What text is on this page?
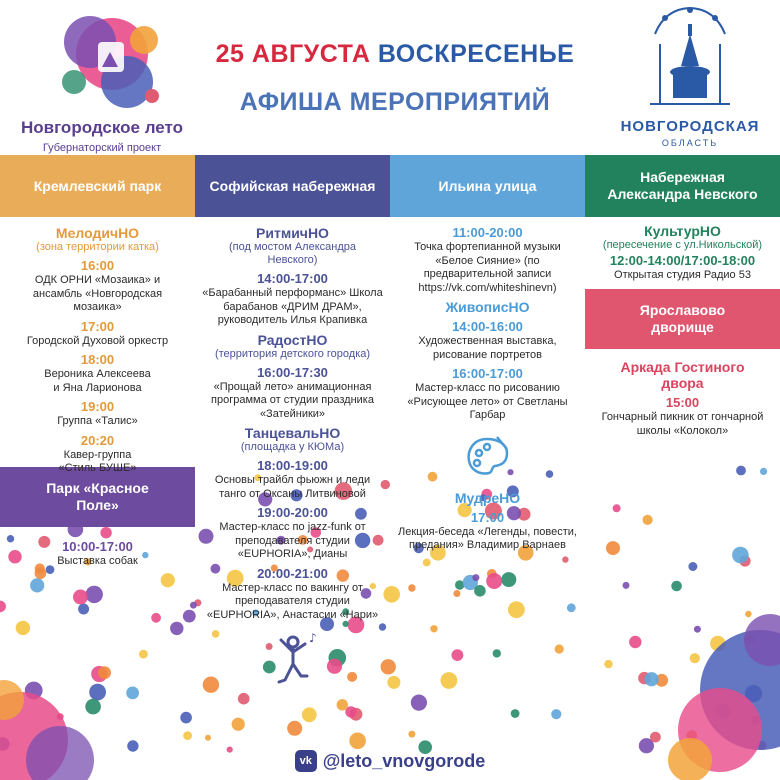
Новгородское лето
Губернаторский проект
25 АВГУСТА ВОСКРЕСЕНЬЕ
АФИША МЕРОПРИЯТИЙ
НОВГОРОДСКАЯ
ОБЛАСТЬ
Кремлевский парк
МелодичНО
(зона территории катка)
16:00
ОДК ОРНИ «Мозаика» и ансамбль «Новгородская мозаика»
17:00
Городской Духовой оркестр
18:00
Вероника Алексеева и Яна Ларионова
19:00
Группа «Талис»
20:20
Кавер-группа «Стиль БУШЕ»
Парк «Красное Поле»
10:00-17:00
Выставка собак
Софийская набережная
РитмичНО
(под мостом Александра Невского)
14:00-17:00
«Барабанный перформанс» Школа барабанов «ДРИМ ДРАМ», руководитель Илья Крапивка
РадостНО
(территория детского городка)
16:00-17:30
«Прощай лето» анимационная программа от студии праздника «Затейники»
ТанцевальНО
(площадка у КЮМа)
18:00-19:00
Основы трайбл фьюжн и леди танго от Оксаны Литвиновой
19:00-20:00
Мастер-класс по jazz-funk от преподавателя студии «EUPHORIA», Дианы
20:00-21:00
Мастер-класс по вакингу от преподавателя студии «EUPHORIA», Анастасии «Нари»
♪
Ильина улица
11:00-20:00
Точка фортепианной музыки «Белое Сияние» (по предварительной записи https://vk.com/whiteshinevn)
ЖивописНО
14:00-16:00
Художественная выставка, рисование портретов
16:00-17:00
Мастер-класс по рисованию «Рисующее лето» от Светланы Гарбар
МудреНО
17:00
Лекция-беседа «Легенды, повести, предания» Владимир Варнаев
Набережная Александра Невского
КультурНО
(пересечение с ул.Никольской)
12:00-14:00/17:00-18:00
Открытая студия Радио 53
Ярославово дворище
Аркада Гостиного двора
15:00
Гончарный пикник от гончарной школы «Колокол»
vk @leto_vnovgorode
